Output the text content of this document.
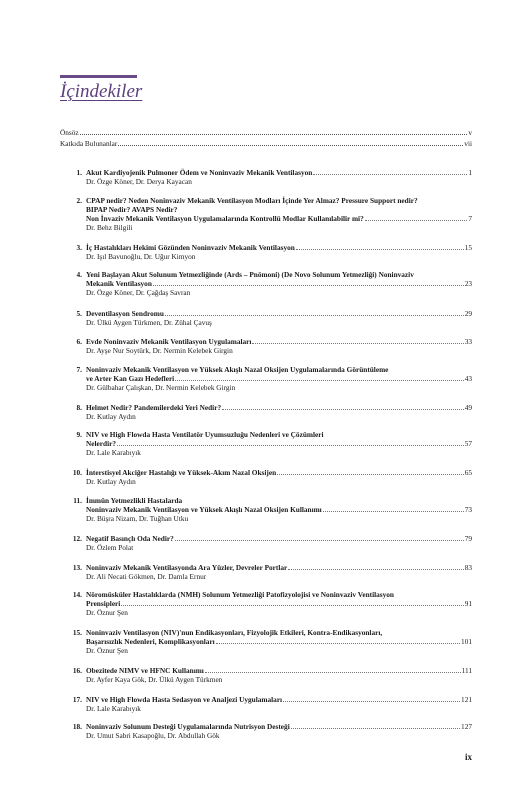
İçindekiler
Önsöz	v
Katkıda Bulunanlar	vii
1. Akut Kardiyojenik Pulmoner Ödem ve Noninvaziv Mekanik Ventilasyon	1
Dr. Özge Köner, Dr. Derya Kayacan
2. CPAP nedir? Neden Noninvaziv Mekanik Ventilasyon Modları İçinde Yer Almaz? Pressure Support nedir?
BIPAP Nedir? AVAPS Nedir?
Non İnvaziv Mekanik Ventilasyon Uygulamalarında Kontrollü Modlar Kullanılabilir mi?	7
Dr. Behz Bilgili
3. İç Hastalıkları Hekimi Gözünden Noninvaziv Mekanik Ventilasyon	15
Dr. Işıl Bavunoğlu, Dr. Uğur Kimyon
4. Yeni Başlayan Akut Solunum Yetmezliğinde (Ards – Pnömoni) (De Novo Solunum Yetmezliği) Noninvaziv
Mekanik Ventilasyon	23
Dr. Özge Köner, Dr. Çağdaş Savran
5. Deventilasyon Sendromu	29
Dr. Ülkü Aygen Türkmen, Dr. Zühal Çavuş
6. Evde Noninvaziv Mekanik Ventilasyon Uygulamaları	33
Dr. Ayşe Nur Soytürk, Dr. Nermin Kelebek Girgin
7. Noninvaziv Mekanik Ventilasyon ve Yüksek Akışlı Nazal Oksijen Uygulamalarında Görüntüleme
ve Arter Kan Gazı Hedefleri	43
Dr. Gülbahar Çalışkan, Dr. Nermin Kelebek Girgin
8. Helmet Nedir? Pandemilerdeki Yeri Nedir?	49
Dr. Kutlay Aydın
9. NIV ve High Flowda Hasta Ventilatör Uyumsuzluğu Nedenleri ve Çözümleri
Nelerdir?	57
Dr. Lale Karabıyık
10. İnterstisyel Akciğer Hastalığı ve Yüksek-Akım Nazal Oksijen	65
Dr. Kutlay Aydın
11. İmmün Yetmezlikli Hastalarda
Noninvaziv Mekanik Ventilasyon ve Yüksek Akışlı Nazal Oksijen Kullanımı	73
Dr. Büşra Nizam, Dr. Tuğhan Utku
12. Negatif Basınçlı Oda Nedir?	79
Dr. Özlem Polat
13. Noninvaziv Mekanik Ventilasyonda Ara Yüzler, Devreler Portlar	83
Dr. Ali Necati Gökmen, Dr. Damla Ernur
14. Nöromüsküler Hastalıklarda (NMH) Solunum Yetmezliği Patofizyolojisi ve Noninvaziv Ventilasyon
Prensipleri	91
Dr. Öznur Şen
15. Noninvaziv Ventilasyon (NIV)'nun Endikasyonları, Fizyolojik Etkileri, Kontra-Endikasyonları,
Başarısızlık Nedenleri, Komplikasyonları	101
Dr. Öznur Şen
16. Obezitede NIMV ve HFNC Kullanımı	111
Dr. Ayfer Kaya Gök, Dr. Ülkü Aygen Türkmen
17. NIV ve High Flowda Hasta Sedasyon ve Analjezi Uygulamaları	121
Dr. Lale Karabıyık
18. Noninvaziv Solunum Desteği Uygulamalarında Nutrisyon Desteği	127
Dr. Umut Sabri Kasapoğlu, Dr. Abdullah Gök
ix
